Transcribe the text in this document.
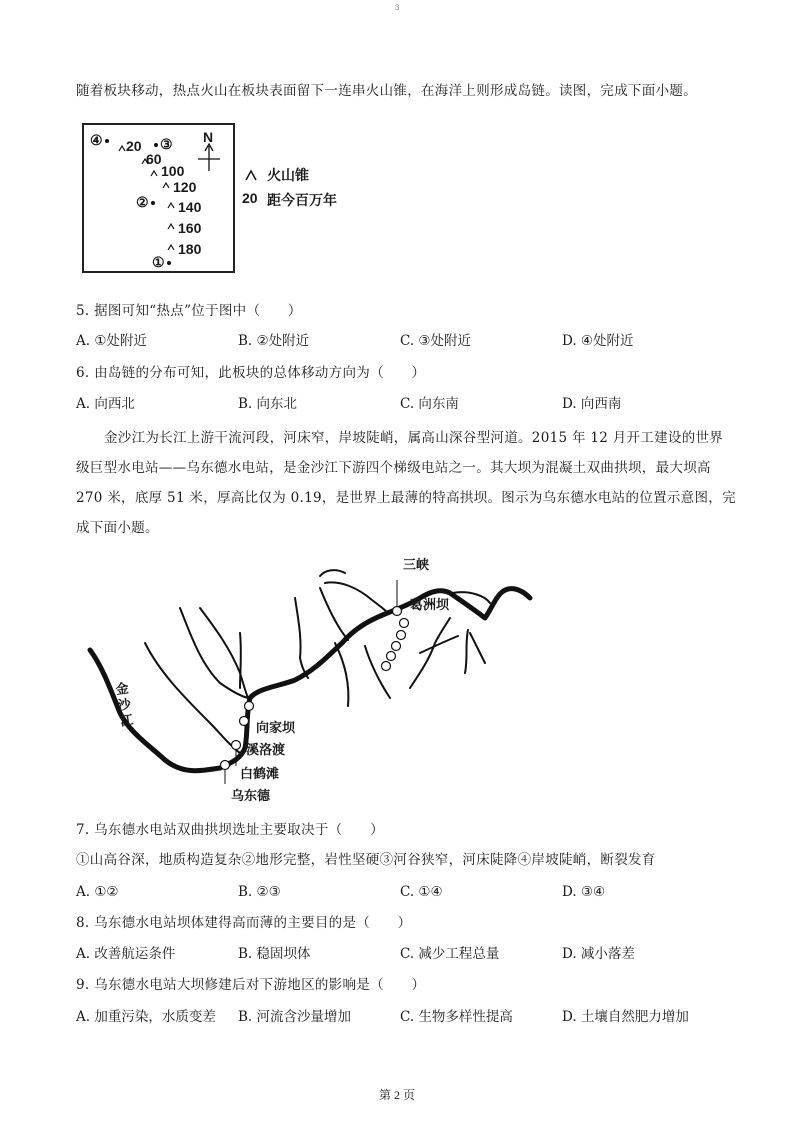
3
随着板块移动，热点火山在板块表面留下一连串火山锥，在海洋上则形成岛链。读图，完成下面小题。
④	20	③ N
60
100
120
②	140
160
180
①
火山锥
20 距今百万年
5. 据图可知“热点”位于图中（　　）
A. ①处附近	B. ②处附近	C. ③处附近	D. ④处附近
6. 由岛链的分布可知，此板块的总体移动方向为（　　）
A. 向西北	B. 向东北	C. 向东南	D. 向西南
金沙江为长江上游干流河段，河床窄，岸坡陡峭，属高山深谷型河道。2015 年 12 月开工建设的世界
级巨型水电站——乌东德水电站，是金沙江下游四个梯级电站之一。其大坝为混凝土双曲拱坝，最大坝高
270 米，底厚 51 米，厚高比仅为 0.19，是世界上最薄的特高拱坝。图示为乌东德水电站的位置示意图，完
成下面小题。
三峡
葛洲坝
向家坝
溪洛渡
白鹤滩
乌东德
金沙江
7. 乌东德水电站双曲拱坝选址主要取决于（　　）
①山高谷深，地质构造复杂②地形完整，岩性坚硬③河谷狭窄，河床陡降④岸坡陡峭，断裂发育
A. ①②	B. ②③	C. ①④	D. ③④
8. 乌东德水电站坝体建得高而薄的主要目的是（　　）
A. 改善航运条件	B. 稳固坝体	C. 减少工程总量	D. 减小落差
9. 乌东德水电站大坝修建后对下游地区的影响是（　　）
A. 加重污染，水质变差 B. 河流含沙量增加	C. 生物多样性提高	D. 土壤自然肥力增加
第 2 页
